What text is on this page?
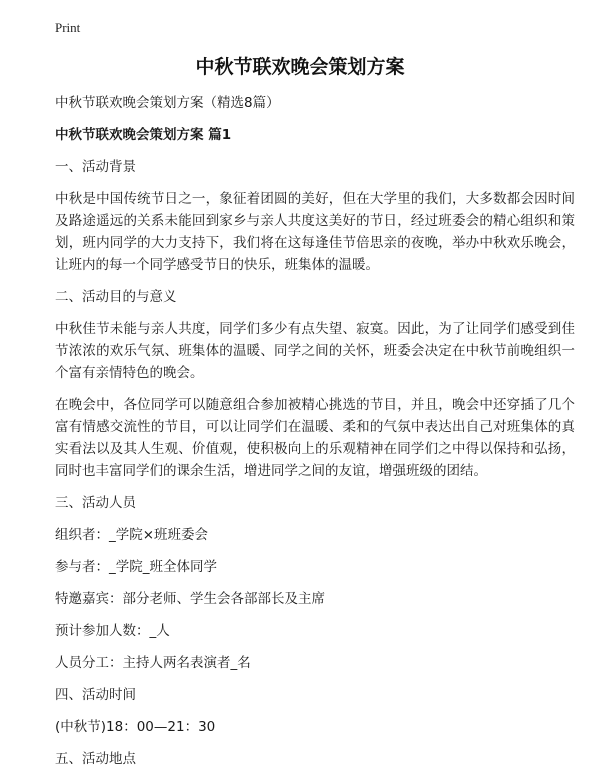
Print
中秋节联欢晚会策划方案

中秋节联欢晚会策划方案（精选8篇）

中秋节联欢晚会策划方案 篇1

一、活动背景

中秋是中国传统节日之一，象征着团圆的美好，但在大学里的我们，大多数都会因时间及路途遥远的关系未能回到家乡与亲人共度这美好的节日，经过班委会的精心组织和策划，班内同学的大力支持下，我们将在这每逢佳节倍思亲的夜晚，举办中秋欢乐晚会，让班内的每一个同学感受节日的快乐，班集体的温暖。

二、活动目的与意义

中秋佳节未能与亲人共度，同学们多少有点失望、寂寞。因此，为了让同学们感受到佳节浓浓的欢乐气氛、班集体的温暖、同学之间的关怀，班委会决定在中秋节前晚组织一个富有亲情特色的晚会。

在晚会中，各位同学可以随意组合参加被精心挑选的节目，并且，晚会中还穿插了几个富有情感交流性的节目，可以让同学们在温暖、柔和的气氛中表达出自己对班集体的真实看法以及其人生观、价值观，使积极向上的乐观精神在同学们之中得以保持和弘扬，同时也丰富同学们的课余生活，增进同学之间的友谊，增强班级的团结。

三、活动人员

组织者：_学院×班班委会

参与者：_学院_班全体同学

特邀嘉宾：部分老师、学生会各部部长及主席

预计参加人数：_人

人员分工：主持人两名表演者_名

四、活动时间

(中秋节)18：00—21：30

五、活动地点
